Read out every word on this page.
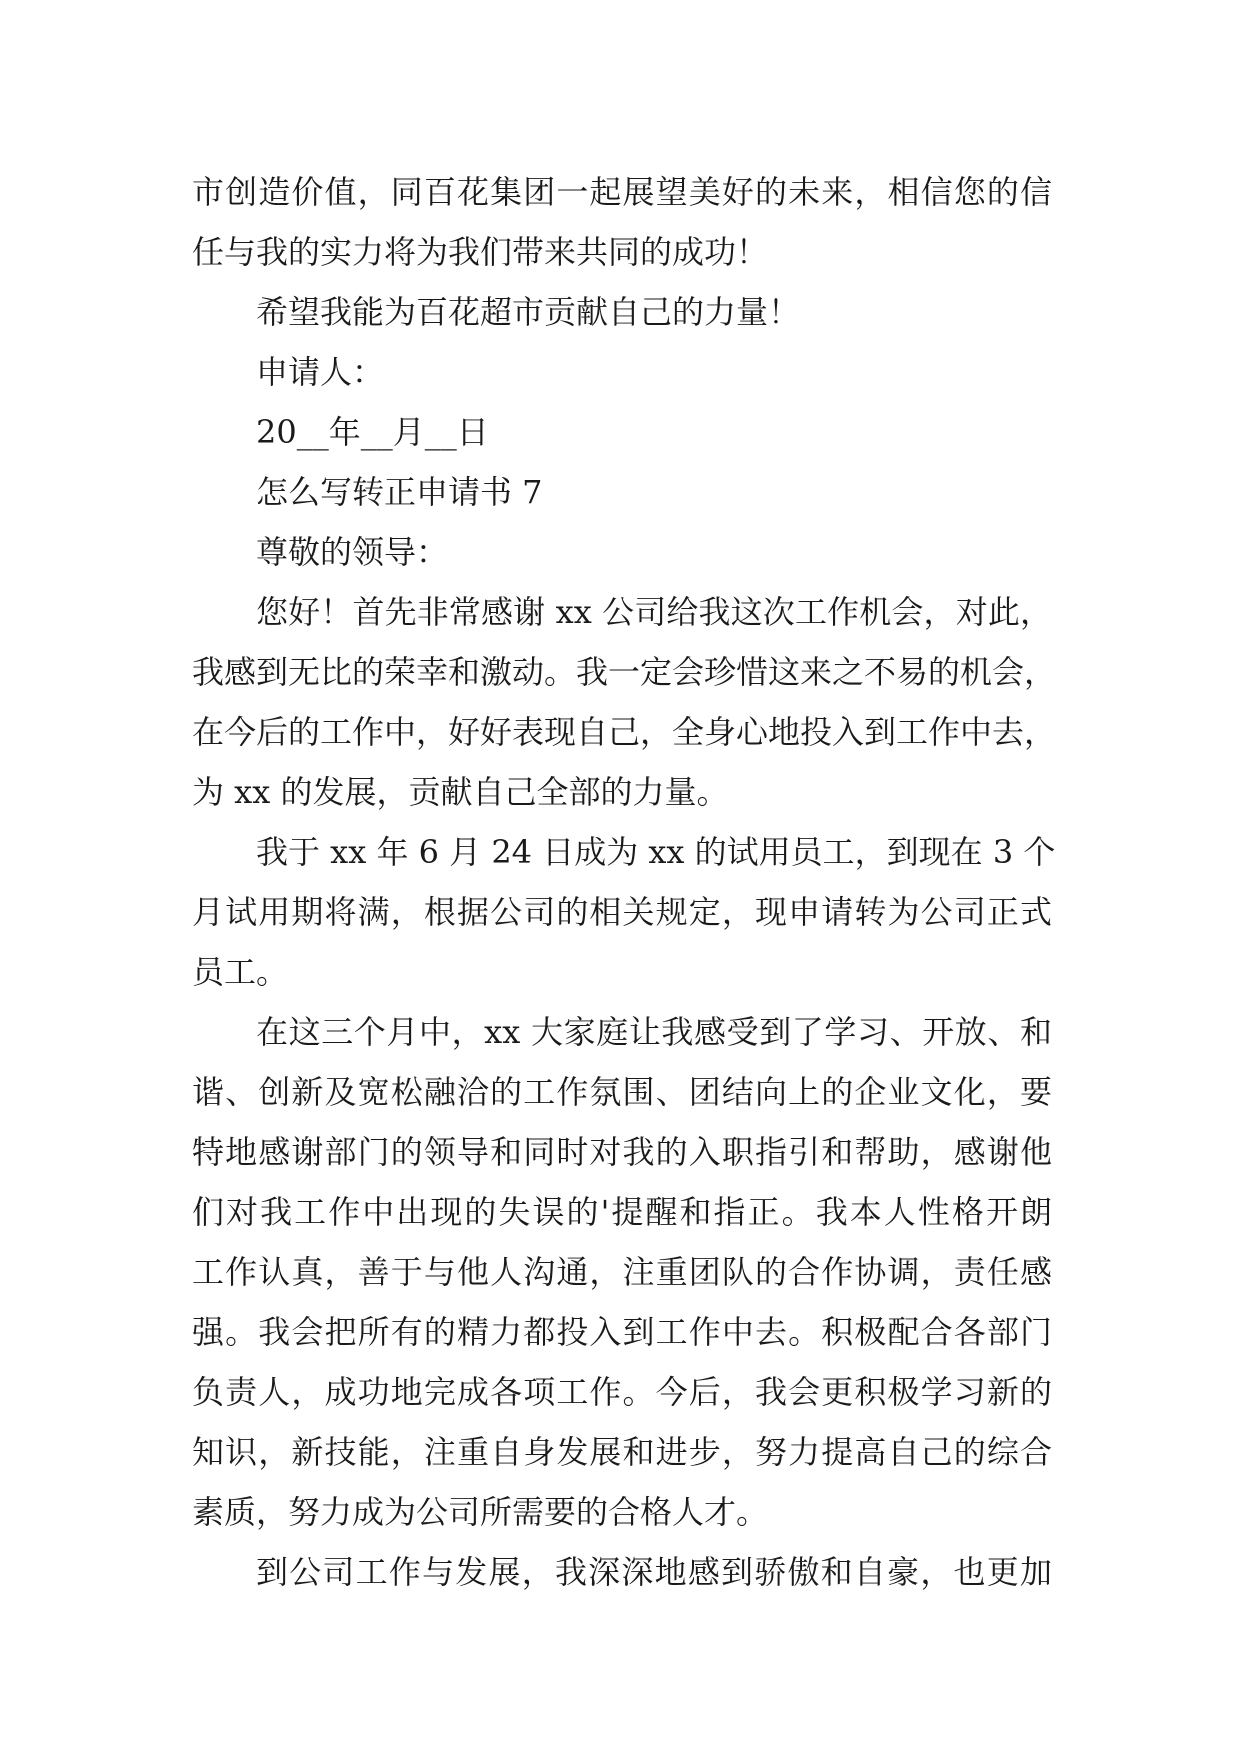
市创造价值，同百花集团一起展望美好的未来，相信您的信
任与我的实力将为我们带来共同的成功！
希望我能为百花超市贡献自己的力量！
申请人：
20__年__月__日
怎么写转正申请书 7
尊敬的领导：
您好！首先非常感谢 xx 公司给我这次工作机会，对此，
我感到无比的荣幸和激动。我一定会珍惜这来之不易的机会，
在今后的工作中，好好表现自己，全身心地投入到工作中去，
为 xx 的发展，贡献自己全部的力量。
我于 xx 年 6 月 24 日成为 xx 的试用员工，到现在 3 个
月试用期将满，根据公司的相关规定，现申请转为公司正式
员工。
在这三个月中，xx 大家庭让我感受到了学习、开放、和
谐、创新及宽松融洽的工作氛围、团结向上的企业文化，要
特地感谢部门的领导和同时对我的入职指引和帮助，感谢他
们对我工作中出现的失误的'提醒和指正。我本人性格开朗
工作认真，善于与他人沟通，注重团队的合作协调，责任感
强。我会把所有的精力都投入到工作中去。积极配合各部门
负责人，成功地完成各项工作。今后，我会更积极学习新的
知识，新技能，注重自身发展和进步，努力提高自己的综合
素质，努力成为公司所需要的合格人才。
到公司工作与发展，我深深地感到骄傲和自豪，也更加
